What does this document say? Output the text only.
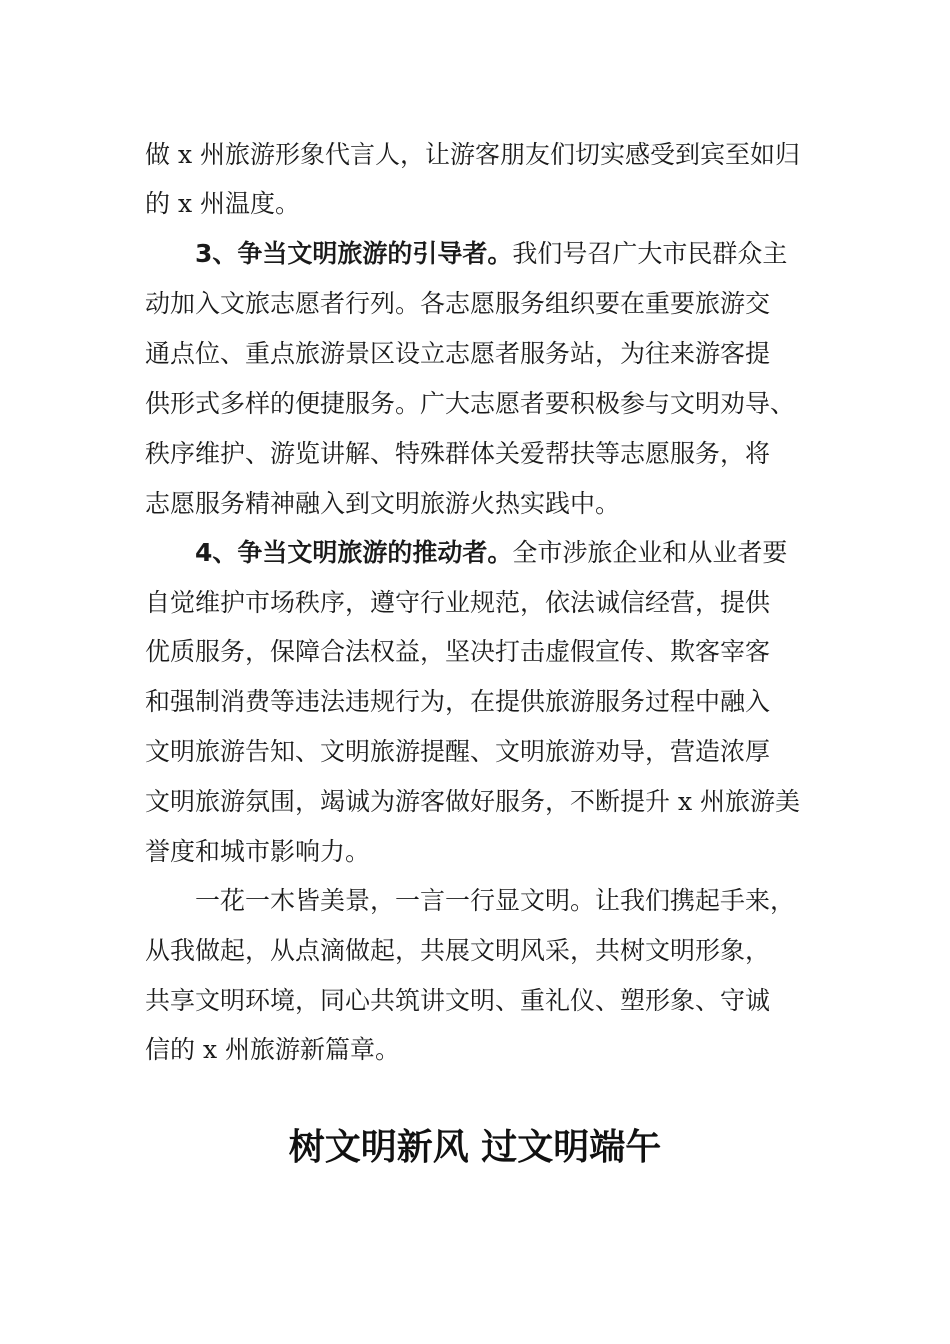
做 x 州旅游形象代言人，让游客朋友们切实感受到宾至如归
的 x 州温度。
3、争当文明旅游的引导者。我们号召广大市民群众主
动加入文旅志愿者行列。各志愿服务组织要在重要旅游交
通点位、重点旅游景区设立志愿者服务站，为往来游客提
供形式多样的便捷服务。广大志愿者要积极参与文明劝导、
秩序维护、游览讲解、特殊群体关爱帮扶等志愿服务，将
志愿服务精神融入到文明旅游火热实践中。
4、争当文明旅游的推动者。全市涉旅企业和从业者要
自觉维护市场秩序，遵守行业规范，依法诚信经营，提供
优质服务，保障合法权益，坚决打击虚假宣传、欺客宰客
和强制消费等违法违规行为，在提供旅游服务过程中融入
文明旅游告知、文明旅游提醒、文明旅游劝导，营造浓厚
文明旅游氛围，竭诚为游客做好服务，不断提升 x 州旅游美
誉度和城市影响力。
一花一木皆美景，一言一行显文明。让我们携起手来，
从我做起，从点滴做起，共展文明风采，共树文明形象，
共享文明环境，同心共筑讲文明、重礼仪、塑形象、守诚
信的 x 州旅游新篇章。
树文明新风 过文明端午
